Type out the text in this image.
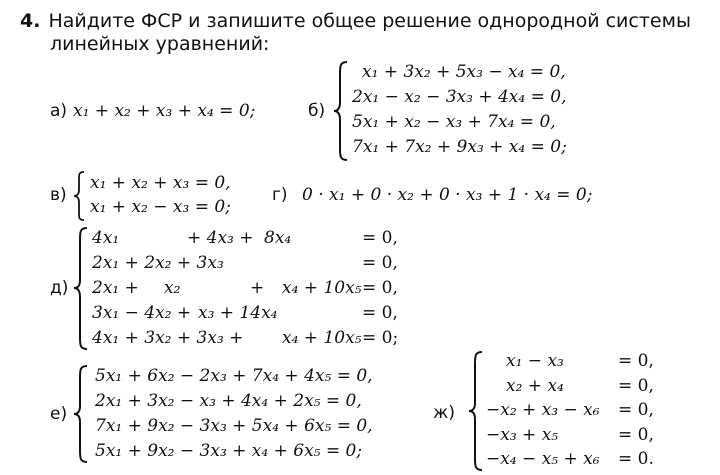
4. Найдите ФСР и запишите общее решение однородной системы
линейных уравнений:
а) x₁ + x₂ + x₃ + x₄ = 0;	б)
x₁ + 3x₂ + 5x₃ − x₄ = 0,
2x₁ − x₂ − 3x₃ + 4x₄ = 0,
5x₁ + x₂ − x₃ + 7x₄ = 0,
7x₁ + 7x₂ + 9x₃ + x₄ = 0;
в)
x₁ + x₂ + x₃ = 0,
x₁ + x₂ − x₃ = 0;
г) 0 · x₁ + 0 · x₂ + 0 · x₃ + 1 · x₄ = 0;
д)
4x₁	+ 4x₃ + 8x₄	= 0,
2x₁ + 2x₂ + 3x₃	= 0,
2x₁ + x₂	+ x₄ + 10x₅ = 0,
3x₁ − 4x₂ + x₃ + 14x₄	= 0,
4x₁ + 3x₂ + 3x₃ + x₄ + 10x₅ = 0;
е)
5x₁ + 6x₂ − 2x₃ + 7x₄ + 4x₅ = 0,
2x₁ + 3x₂ − x₃ + 4x₄ + 2x₅ = 0,
7x₁ + 9x₂ − 3x₃ + 5x₄ + 6x₅ = 0,
5x₁ + 9x₂ − 3x₃ + x₄ + 6x₅ = 0;
ж)
x₁ − x₃	= 0,
x₂ + x₄	= 0,
−x₂ + x₃ − x₆ = 0,
−x₃ + x₅	= 0,
−x₄ − x₅ + x₆ = 0.
